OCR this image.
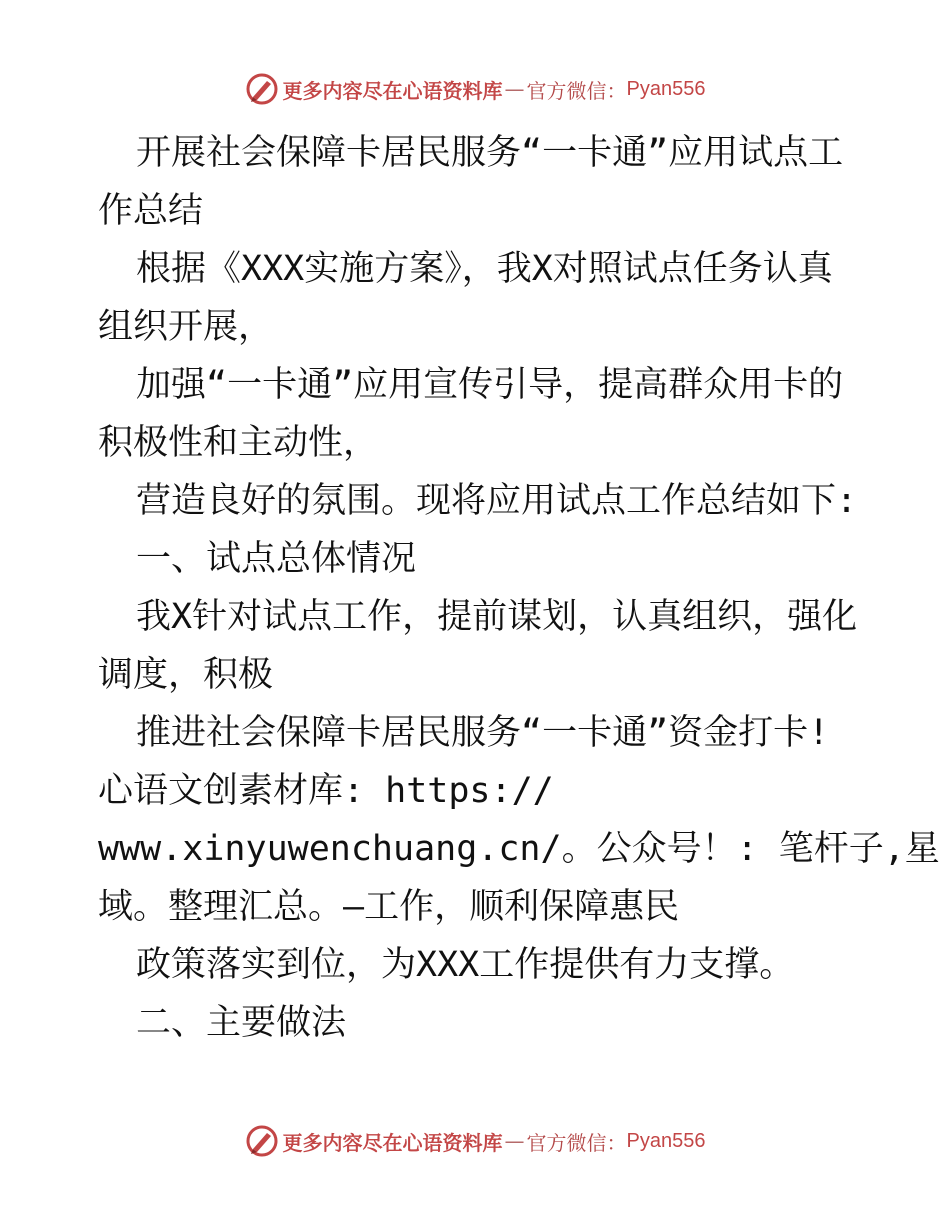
更多内容尽在心语资料库 — 官方微信： Pyan556
开展社会保障卡居民服务“一卡通”应用试点工
作总结
根据《XXX实施方案》，我X对照试点任务认真
组织开展，
加强“一卡通”应用宣传引导，提高群众用卡的
积极性和主动性，
营造良好的氛围。现将应用试点工作总结如下:
一、试点总体情况
我X针对试点工作，提前谋划，认真组织，强化
调度，积极
推进社会保障卡居民服务“一卡通”资金打卡!
心语文创素材库: https://
www.xinyuwenchuang.cn/。公众号！: 笔杆子,星
域。整理汇总。—工作，顺利保障惠民
政策落实到位，为XXX工作提供有力支撑。
二、主要做法
更多内容尽在心语资料库 — 官方微信： Pyan556
